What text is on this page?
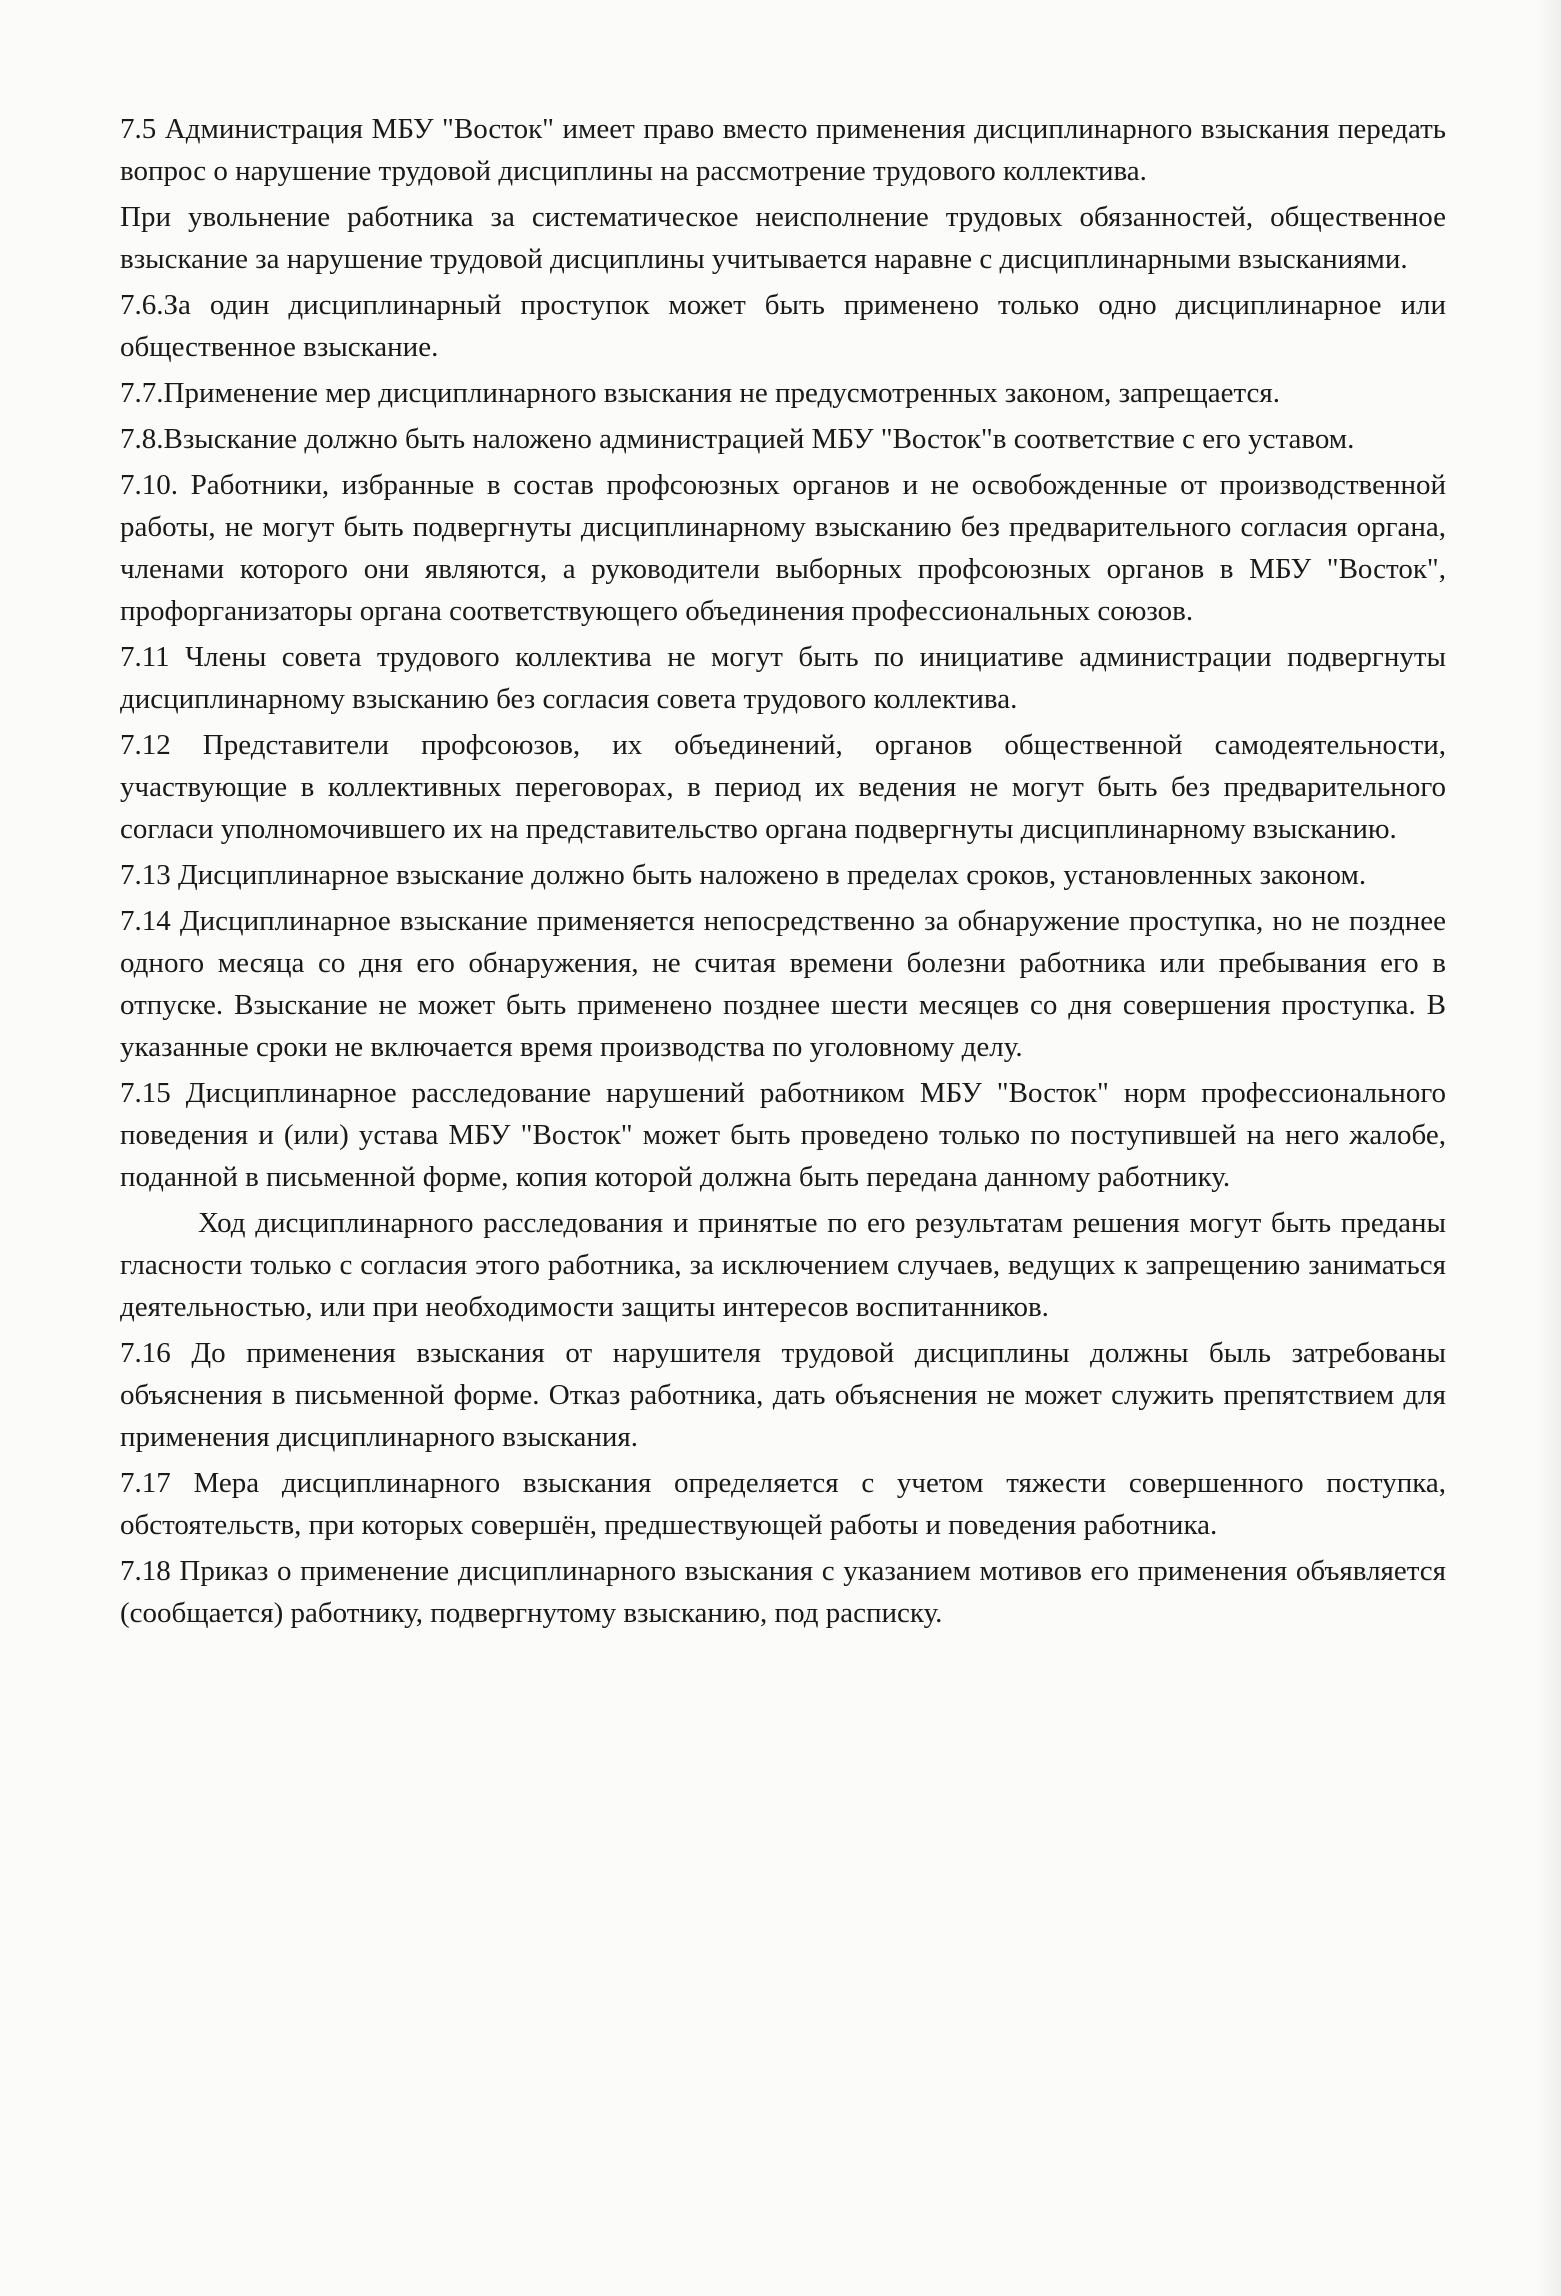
7.5 Администрация МБУ "Восток" имеет право вместо применения дисциплинарного взыскания передать вопрос о нарушение трудовой дисциплины на рассмотрение трудового коллектива.

При увольнение работника за систематическое неисполнение трудовых обязанностей, общественное взыскание за нарушение трудовой дисциплины учитывается наравне с дисциплинарными взысканиями.

7.6.За один дисциплинарный проступок может быть применено только одно дисциплинарное или общественное взыскание.

7.7.Применение мер дисциплинарного взыскания не предусмотренных законом, запрещается.

7.8.Взыскание должно быть наложено администрацией МБУ "Восток"в соответствие с его уставом.

7.10. Работники, избранные в состав профсоюзных органов и не освобожденные от производственной работы, не могут быть подвергнуты дисциплинарному взысканию без предварительного согласия органа, членами которого они являются, а руководители выборных профсоюзных органов в МБУ "Восток", профорганизаторы органа соответствующего объединения профессиональных союзов.

7.11 Члены совета трудового коллектива не могут быть по инициативе администрации подвергнуты дисциплинарному взысканию без согласия совета трудового коллектива.

7.12 Представители профсоюзов, их объединений, органов общественной самодеятельности, участвующие в коллективных переговорах, в период их ведения не могут быть без предварительного согласи уполномочившего их на представительство органа подвергнуты дисциплинарному взысканию.

7.13 Дисциплинарное взыскание должно быть наложено в пределах сроков, установленных законом.

7.14 Дисциплинарное взыскание применяется непосредственно за обнаружение проступка, но не позднее одного месяца со дня его обнаружения, не считая времени болезни работника или пребывания его в отпуске. Взыскание не может быть применено позднее шести месяцев со дня совершения проступка. В указанные сроки не включается время производства по уголовному делу.

7.15 Дисциплинарное расследование нарушений работником МБУ "Восток" норм профессионального поведения и (или) устава МБУ "Восток" может быть проведено только по поступившей на него жалобе, поданной в письменной форме, копия которой должна быть передана данному работнику.

Ход дисциплинарного расследования и принятые по его результатам решения могут быть преданы гласности только с согласия этого работника, за исключением случаев, ведущих к запрещению заниматься деятельностью, или при необходимости защиты интересов воспитанников.

7.16 До применения взыскания от нарушителя трудовой дисциплины должны быль затребованы объяснения в письменной форме. Отказ работника, дать объяснения не может служить препятствием для применения дисциплинарного взыскания.

7.17 Мера дисциплинарного взыскания определяется с учетом тяжести совершенного поступка, обстоятельств, при которых совершён, предшествующей работы и поведения работника.

7.18 Приказ о применение дисциплинарного взыскания с указанием мотивов его применения объявляется (сообщается) работнику, подвергнутому взысканию, под расписку.
